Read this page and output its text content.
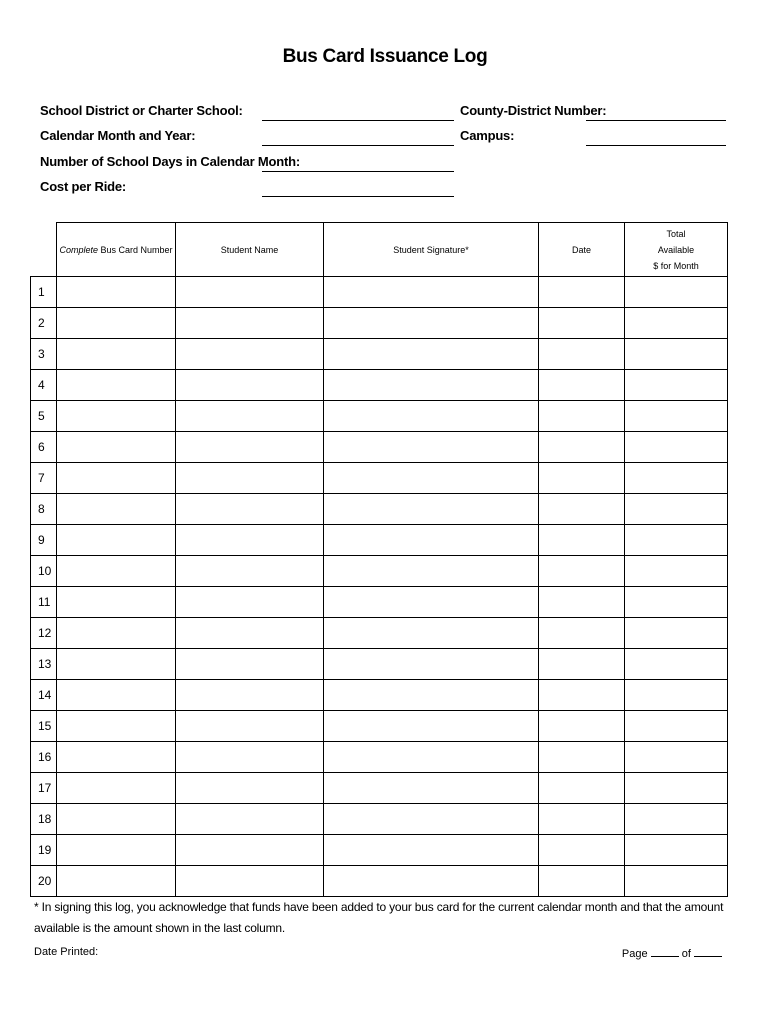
Bus Card Issuance Log
School District or Charter School:
Calendar Month and Year:
Number of School Days in Calendar Month:
Cost per Ride:
County-District Number:
Campus:
	Complete Bus Card Number	Student Name	Student Signature*	Date	Total
Available
$ for Month
1					
2					
3					
4					
5					
6					
7					
8					
9					
10					
11					
12					
13					
14					
15					
16					
17					
18					
19					
20					
* In signing this log, you acknowledge that funds have been added to your bus card for the current calendar month and that the amount available is the amount shown in the last column.
Date Printed:	Page	of
